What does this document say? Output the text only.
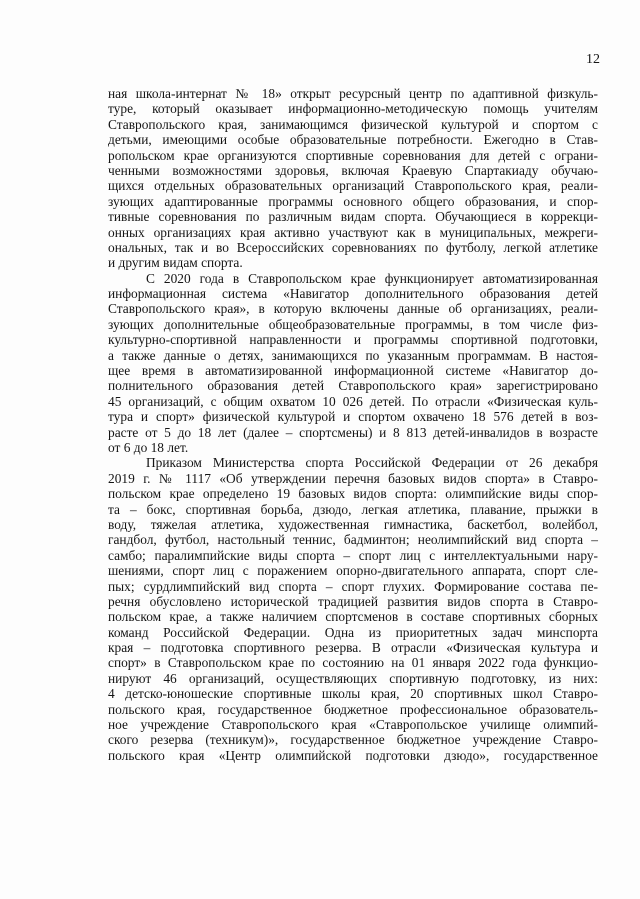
12
ная школа-интернат № 18» открыт ресурсный центр по адаптивной физкуль-
туре, который оказывает информационно-методическую помощь учителям
Ставропольского края, занимающимся физической культурой и спортом с
детьми, имеющими особые образовательные потребности. Ежегодно в Став-
ропольском крае организуются спортивные соревнования для детей с ограни-
ченными возможностями здоровья, включая Краевую Спартакиаду обучаю-
щихся отдельных образовательных организаций Ставропольского края, реали-
зующих адаптированные программы основного общего образования, и спор-
тивные соревнования по различным видам спорта. Обучающиеся в коррекци-
онных организациях края активно участвуют как в муниципальных, межреги-
ональных, так и во Всероссийских соревнованиях по футболу, легкой атлетике
и другим видам спорта.
С 2020 года в Ставропольском крае функционирует автоматизированная
информационная система «Навигатор дополнительного образования детей
Ставропольского края», в которую включены данные об организациях, реали-
зующих дополнительные общеобразовательные программы, в том числе физ-
культурно-спортивной направленности и программы спортивной подготовки,
а также данные о детях, занимающихся по указанным программам. В настоя-
щее время в автоматизированной информационной системе «Навигатор до-
полнительного образования детей Ставропольского края» зарегистрировано
45 организаций, с общим охватом 10 026 детей. По отрасли «Физическая куль-
тура и спорт» физической культурой и спортом охвачено 18 576 детей в воз-
расте от 5 до 18 лет (далее – спортсмены) и 8 813 детей-инвалидов в возрасте
от 6 до 18 лет.
Приказом Министерства спорта Российской Федерации от 26 декабря
2019 г. № 1117 «Об утверждении перечня базовых видов спорта» в Ставро-
польском крае определено 19 базовых видов спорта: олимпийские виды спор-
та – бокс, спортивная борьба, дзюдо, легкая атлетика, плавание, прыжки в
воду, тяжелая атлетика, художественная гимнастика, баскетбол, волейбол,
гандбол, футбол, настольный теннис, бадминтон; неолимпийский вид спорта –
самбо; паралимпийские виды спорта – спорт лиц с интеллектуальными нару-
шениями, спорт лиц с поражением опорно-двигательного аппарата, спорт сле-
пых; сурдлимпийский вид спорта – спорт глухих. Формирование состава пе-
речня обусловлено исторической традицией развития видов спорта в Ставро-
польском крае, а также наличием спортсменов в составе спортивных сборных
команд Российской Федерации. Одна из приоритетных задач минспорта
края – подготовка спортивного резерва. В отрасли «Физическая культура и
спорт» в Ставропольском крае по состоянию на 01 января 2022 года функцио-
нируют 46 организаций, осуществляющих спортивную подготовку, из них:
4 детско-юношеские спортивные школы края, 20 спортивных школ Ставро-
польского края, государственное бюджетное профессиональное образователь-
ное учреждение Ставропольского края «Ставропольское училище олимпий-
ского резерва (техникум)», государственное бюджетное учреждение Ставро-
польского края «Центр олимпийской подготовки дзюдо», государственное
